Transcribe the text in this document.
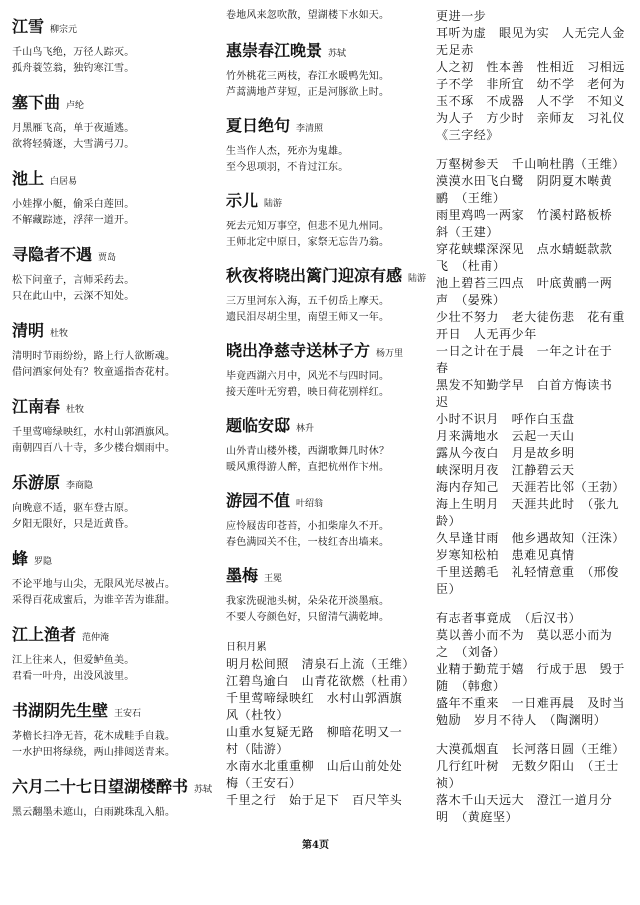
江雪 柳宗元
千山鸟飞绝，万径人踪灭。
孤舟蓑笠翁，独钓寒江雪。
塞下曲 卢纶
月黑雁飞高，单于夜遁逃。
欲将轻骑逐，大雪满弓刀。
池上 白居易
小娃撑小艇，偷采白莲回。
不解藏踪迹，浮萍一道开。
寻隐者不遇 贾岛
松下问童子，言师采药去。
只在此山中，云深不知处。
清明 杜牧
清明时节雨纷纷，路上行人欲断魂。
借问酒家何处有？牧童遥指杏花村。
江南春 杜牧
千里莺啼绿映红，水村山郭酒旗风。
南朝四百八十寺，多少楼台烟雨中。
乐游原 李商隐
向晚意不适，驱车登古原。
夕阳无限好，只是近黄昏。
蜂罗隐
不论平地与山尖，无限风光尽被占。
采得百花成蜜后，为谁辛苦为谁甜。
江上渔者 范仲淹
江上往来人，但爱鲈鱼美。
君看一叶舟，出没风波里。
书湖阴先生壁 王安石
茅檐长扫净无苔，花木成畦手自栽。
一水护田将绿绕，两山排闼送青来。
六月二十七日望湖楼醉书 苏轼
黑云翻墨未遮山，白雨跳珠乱入船。
卷地风来忽吹散，望湖楼下水如天。
惠崇春江晚景 苏轼
竹外桃花三两枝，春江水暖鸭先知。
芦蒿满地芦芽短，正是河豚欲上时。
夏日绝句 李清照
生当作人杰，死亦为鬼雄。
至今思项羽，不肯过江东。
示儿 陆游
死去元知万事空，但悲不见九州同。
王师北定中原日，家祭无忘告乃翁。
秋夜将晓出篱门迎凉有感 陆游
三万里河东入海，五千仞岳上摩天。
遗民泪尽胡尘里，南望王师又一年。
晓出净慈寺送林子方 杨万里
毕竟西湖六月中，风光不与四时同。
接天莲叶无穷碧，映日荷花别样红。
题临安邸 林升
山外青山楼外楼，西湖歌舞几时休？
暖风熏得游人醉，直把杭州作卞州。
游园不值 叶绍翁
应怜屐齿印苍苔，小扣柴扉久不开。
春色满园关不住，一枝红杏出墙来。
墨梅 王冕
我家洗砚池头树，朵朵花开淡墨痕。
不要人夸颜色好，只留清气满乾坤。
日积月累
明月松间照　清泉石上流（王维）
江碧鸟逾白　山青花欲燃（杜甫）
千里莺啼绿映红　水村山郭酒旗
风（杜牧）
山重水复疑无路　柳暗花明又一
村（陆游）
水南水北重重柳　山后山前处处
梅（王安石）
千里之行　始于足下　百尺竿头
更进一步
耳听为虚　眼见为实　人无完人金
无足赤
人之初　性本善　性相近　习相远
子不学　非所宜　幼不学　老何为
玉不琢　不成器　人不学　不知义
为人子　方少时　亲师友　习礼仪
《三字经》
万壑树参天　千山响杜鹃（王维）
漠漠水田飞白鹭　阴阴夏木啭黄
鹂　（王维）
雨里鸡鸣一两家　竹溪村路板桥
斜（王建）
穿花蛱蝶深深见　点水蜻蜓款款
飞　（杜甫）
池上碧苔三四点　叶底黄鹂一两
声　（晏殊）
少壮不努力　老大徒伤悲　花有重
开日　人无再少年
一日之计在于晨　一年之计在于
春
黑发不知勤学早　白首方悔读书
迟
小时不识月　呼作白玉盘
月来满地水　云起一天山
露从今夜白　月是故乡明
峡深明月夜　江静碧云天
海内存知己　天涯若比邻（王勃）
海上生明月　天涯共此时　（张九
龄）
久旱逢甘雨　他乡遇故知（汪洙）
岁寒知松柏　患难见真情
千里送鹅毛　礼轻情意重　（邢俊
臣）
有志者事竟成　（后汉书）
莫以善小而不为　莫以恶小而为
之　（刘备）
业精于勤荒于嬉　行成于思　毁于
随　（韩愈）
盛年不重来　一日难再晨　及时当
勉励　岁月不待人　（陶渊明）
大漠孤烟直　长河落日圆（王维）
几行红叶树　无数夕阳山　（王士
祯）
落木千山天远大　澄江一道月分
明　（黄庭坚）
第4页
